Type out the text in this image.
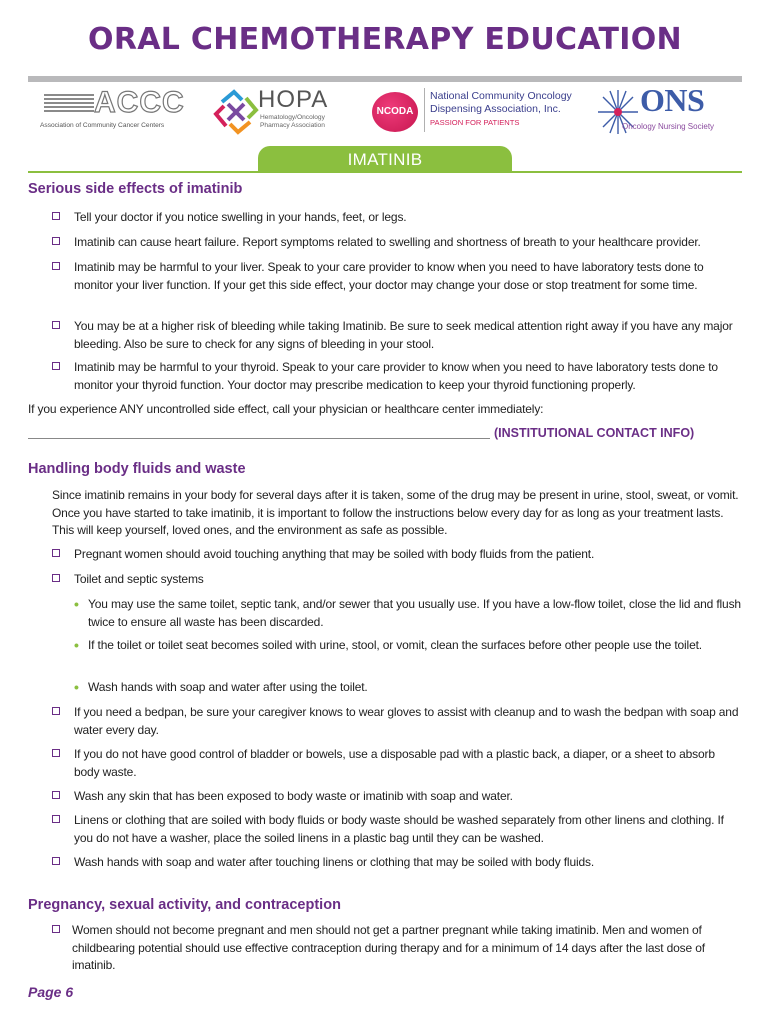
ORAL CHEMOTHERAPY EDUCATION
ACCC
Association of Community Cancer Centers
HOPA
Hematology/Oncology
Pharmacy Association
NCODA
National Community Oncology
Dispensing Association, Inc.
PASSION FOR PATIENTS
ONS
Oncology Nursing Society
IMATINIB
Serious side effects of imatinib
Tell your doctor if you notice swelling in your hands, feet, or legs.
Imatinib can cause heart failure. Report symptoms related to swelling and shortness of breath to your healthcare provider.
Imatinib may be harmful to your liver. Speak to your care provider to know when you need to have laboratory tests done to monitor your liver function. If your get this side effect, your doctor may change your dose or stop treatment for some time.
You may be at a higher risk of bleeding while taking Imatinib. Be sure to seek medical attention right away if you have any major bleeding. Also be sure to check for any signs of bleeding in your stool.
Imatinib may be harmful to your thyroid. Speak to your care provider to know when you need to have laboratory tests done to monitor your thyroid function. Your doctor may prescribe medication to keep your thyroid functioning properly.
If you experience ANY uncontrolled side effect, call your physician or healthcare center immediately:
(INSTITUTIONAL CONTACT INFO)
Handling body fluids and waste
Since imatinib remains in your body for several days after it is taken, some of the drug may be present in urine, stool, sweat, or vomit. Once you have started to take imatinib, it is important to follow the instructions below every day for as long as your treatment lasts. This will keep yourself, loved ones, and the environment as safe as possible.
Pregnant women should avoid touching anything that may be soiled with body fluids from the patient.
Toilet and septic systems
• You may use the same toilet, septic tank, and/or sewer that you usually use. If you have a low-flow toilet, close the lid and flush twice to ensure all waste has been discarded.
• If the toilet or toilet seat becomes soiled with urine, stool, or vomit, clean the surfaces before other people use the toilet.
• Wash hands with soap and water after using the toilet.
If you need a bedpan, be sure your caregiver knows to wear gloves to assist with cleanup and to wash the bedpan with soap and water every day.
If you do not have good control of bladder or bowels, use a disposable pad with a plastic back, a diaper, or a sheet to absorb body waste.
Wash any skin that has been exposed to body waste or imatinib with soap and water.
Linens or clothing that are soiled with body fluids or body waste should be washed separately from other linens and clothing. If you do not have a washer, place the soiled linens in a plastic bag until they can be washed.
Wash hands with soap and water after touching linens or clothing that may be soiled with body fluids.
Pregnancy, sexual activity, and contraception
Women should not become pregnant and men should not get a partner pregnant while taking imatinib. Men and women of childbearing potential should use effective contraception during therapy and for a minimum of 14 days after the last dose of imatinib.
Page 6
